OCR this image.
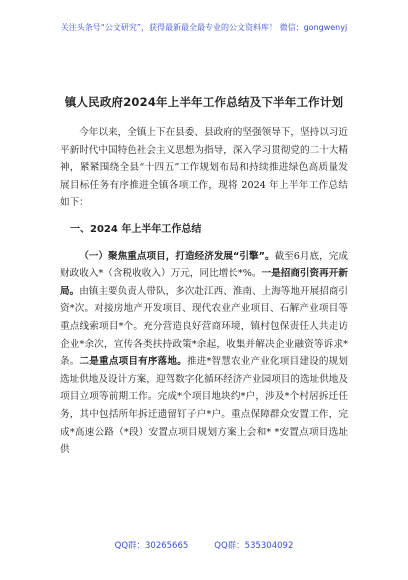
关注头条号“公文研究”，获得最新最全最专业的公文资料库！ 微信：gongwenyj
镇人民政府2024年上半年工作总结及下半年工作计划

今年以来，全镇上下在县委、县政府的坚强领导下，坚持以习近平新时代中国特色社会主义思想为指导，深入学习贯彻党的二十大精神，紧紧围绕全县“十四五”工作规划布局和持续推进绿色高质量发展目标任务有序推进全镇各项工作，现将 2024 年上半年工作总结如下：

一、2024 年上半年工作总结

（一）聚焦重点项目，打造经济发展“引擎”。截至6月底，完成财政收入*（含税收收入）万元，同比增长*%。一是招商引资再开新局。由镇主要负责人带队，多次赴江西、淮南、上海等地开展招商引资*次。对接房地产开发项目、现代农业产业项目、石解产业项目等重点线索项目*个。充分营造良好营商环境，镇村包保责任人共走访企业*余次，宣传各类扶持政策*余起，收集并解决企业融资等诉求*条。二是重点项目有序落地。推进*智慧农业产业化项目建设的规划选址供地及设计方案，迎驾数字化循环经济产业园项目的选址供地及项目立项等前期工作。完成*个项目地块约*户，涉及*个村居拆迁任务，其中包括所年拆迁遗留钉子户*户。重点保障群众安置工作，完成*高速公路（*段）安置点项目规划方案上会和* *安置点项目选址供

QQ群：30265665	QQ群：535304092
